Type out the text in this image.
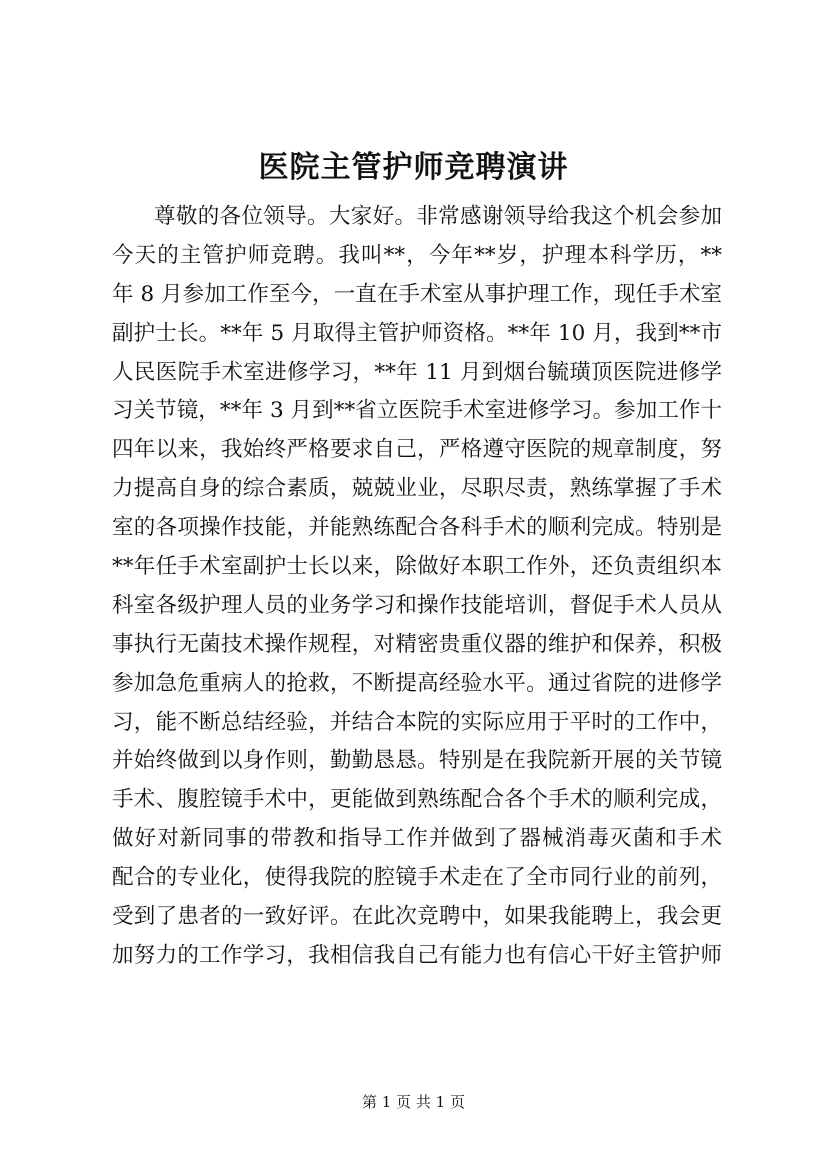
医院主管护师竞聘演讲
尊敬的各位领导。大家好。非常感谢领导给我这个机会参加
今天的主管护师竞聘。我叫**，今年**岁，护理本科学历，**
年 8 月参加工作至今，一直在手术室从事护理工作，现任手术室
副护士长。**年 5 月取得主管护师资格。**年 10 月，我到**市
人民医院手术室进修学习，**年 11 月到烟台毓璜顶医院进修学
习关节镜，**年 3 月到**省立医院手术室进修学习。参加工作十
四年以来，我始终严格要求自己，严格遵守医院的规章制度，努
力提高自身的综合素质，兢兢业业，尽职尽责，熟练掌握了手术
室的各项操作技能，并能熟练配合各科手术的顺利完成。特别是
**年任手术室副护士长以来，除做好本职工作外，还负责组织本
科室各级护理人员的业务学习和操作技能培训，督促手术人员从
事执行无菌技术操作规程，对精密贵重仪器的维护和保养，积极
参加急危重病人的抢救，不断提高经验水平。通过省院的进修学
习，能不断总结经验，并结合本院的实际应用于平时的工作中，
并始终做到以身作则，勤勤恳恳。特别是在我院新开展的关节镜
手术、腹腔镜手术中，更能做到熟练配合各个手术的顺利完成，
做好对新同事的带教和指导工作并做到了器械消毒灭菌和手术
配合的专业化，使得我院的腔镜手术走在了全市同行业的前列，
受到了患者的一致好评。在此次竞聘中，如果我能聘上，我会更
加努力的工作学习，我相信我自己有能力也有信心干好主管护师
第 1 页 共 1 页
